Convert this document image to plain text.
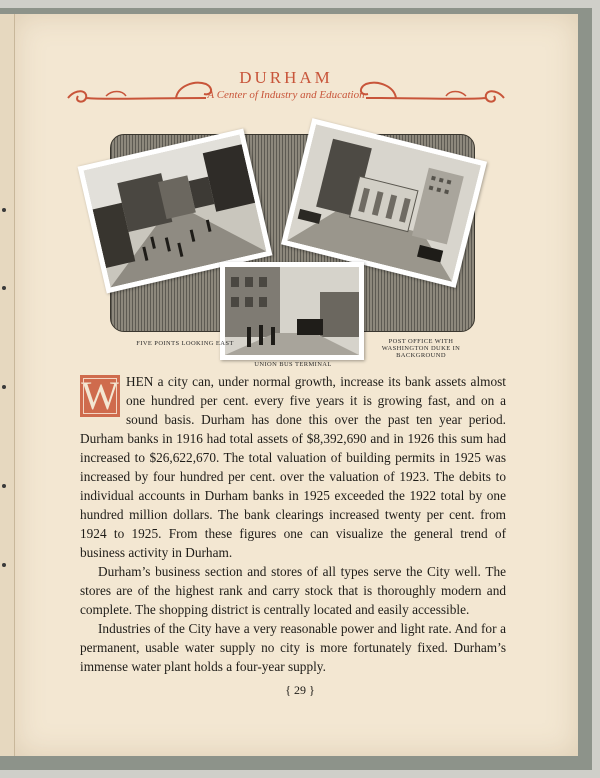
DURHAM
A Center of Industry and Education
FIVE POINTS LOOKING EAST	POST OFFICE WITH WASHINGTON DUKE IN BACKGROUND
UNION BUS TERMINAL

W HEN a city can, under normal growth, increase its bank assets almost one hundred per cent. every five years it is growing fast, and on a sound basis. Durham has done this over the past ten year period. Durham banks in 1916 had total assets of $8,392,690 and in 1926 this sum had increased to $26,622,670. The total valuation of building permits in 1925 was increased by four hundred per cent. over the valuation of 1923. The debits to individual accounts in Durham banks in 1925 exceeded the 1922 total by one hundred million dollars. The bank clearings increased twenty per cent. from 1924 to 1925. From these figures one can visualize the general trend of business activity in Durham.

Durham’s business section and stores of all types serve the City well. The stores are of the highest rank and carry stock that is thoroughly modern and complete. The shopping district is centrally located and easily accessible.

Industries of the City have a very reasonable power and light rate. And for a permanent, usable water supply no city is more fortunately fixed. Durham’s immense water plant holds a four-year supply.

{ 29 }
